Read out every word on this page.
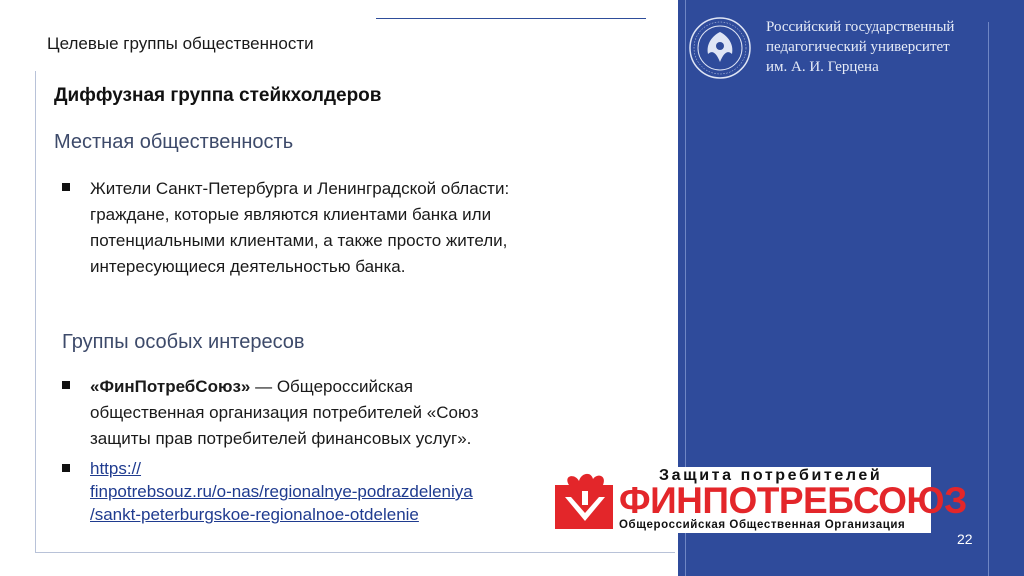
Целевые группы общественности
Российский государственный
педагогический университет
им. А. И. Герцена
22
Диффузная группа стейкхолдеров
Местная общественность
Жители Санкт-Петербурга и Ленинградской области:
граждане, которые являются клиентами банка или
потенциальными клиентами, а также просто жители,
интересующиеся деятельностью банка.
Группы особых интересов
«ФинПотребСоюз» — Общероссийская
общественная организация потребителей «Союз
защиты прав потребителей финансовых услуг».
https://
finpotrebsouz.ru/o-nas/regionalnye-podrazdeleniya
/sankt-peterburgskoe-regionalnoe-otdelenie
Защита потребителей
ФИНПОТРЕБСОЮЗ
Общероссийская Общественная Организация
